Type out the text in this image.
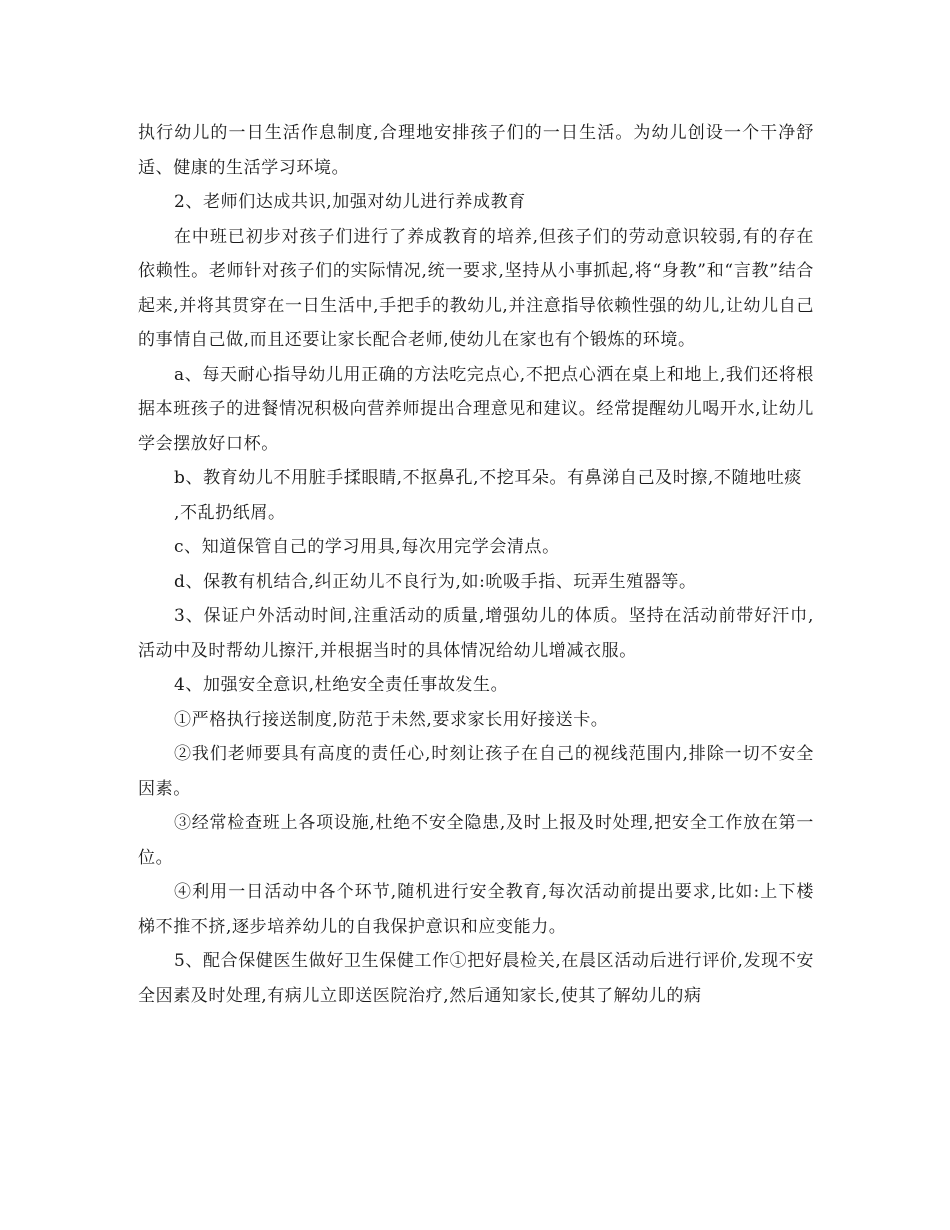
执行幼儿的一日生活作息制度,合理地安排孩子们的一日生活。为幼儿创设一个干净舒适、健康的生活学习环境。

2、老师们达成共识,加强对幼儿进行养成教育

在中班已初步对孩子们进行了养成教育的培养,但孩子们的劳动意识较弱,有的存在依赖性。老师针对孩子们的实际情况,统一要求,坚持从小事抓起,将“身教”和“言教”结合起来,并将其贯穿在一日生活中,手把手的教幼儿,并注意指导依赖性强的幼儿,让幼儿自己的事情自己做,而且还要让家长配合老师,使幼儿在家也有个锻炼的环境。

a、每天耐心指导幼儿用正确的方法吃完点心,不把点心洒在桌上和地上,我们还将根据本班孩子的进餐情况积极向营养师提出合理意见和建议。经常提醒幼儿喝开水,让幼儿学会摆放好口杯。

b、教育幼儿不用脏手揉眼睛,不抠鼻孔,不挖耳朵。有鼻涕自己及时擦,不随地吐痰

,不乱扔纸屑。

c、知道保管自己的学习用具,每次用完学会清点。

d、保教有机结合,纠正幼儿不良行为,如:吮吸手指、玩弄生殖器等。

3、保证户外活动时间,注重活动的质量,增强幼儿的体质。坚持在活动前带好汗巾,活动中及时帮幼儿擦汗,并根据当时的具体情况给幼儿增减衣服。

4、加强安全意识,杜绝安全责任事故发生。

①严格执行接送制度,防范于未然,要求家长用好接送卡。

②我们老师要具有高度的责任心,时刻让孩子在自己的视线范围内,排除一切不安全因素。

③经常检查班上各项设施,杜绝不安全隐患,及时上报及时处理,把安全工作放在第一位。

④利用一日活动中各个环节,随机进行安全教育,每次活动前提出要求,比如:上下楼梯不推不挤,逐步培养幼儿的自我保护意识和应变能力。

5、配合保健医生做好卫生保健工作①把好晨检关,在晨区活动后进行评价,发现不安全因素及时处理,有病儿立即送医院治疗,然后通知家长,使其了解幼儿的病
